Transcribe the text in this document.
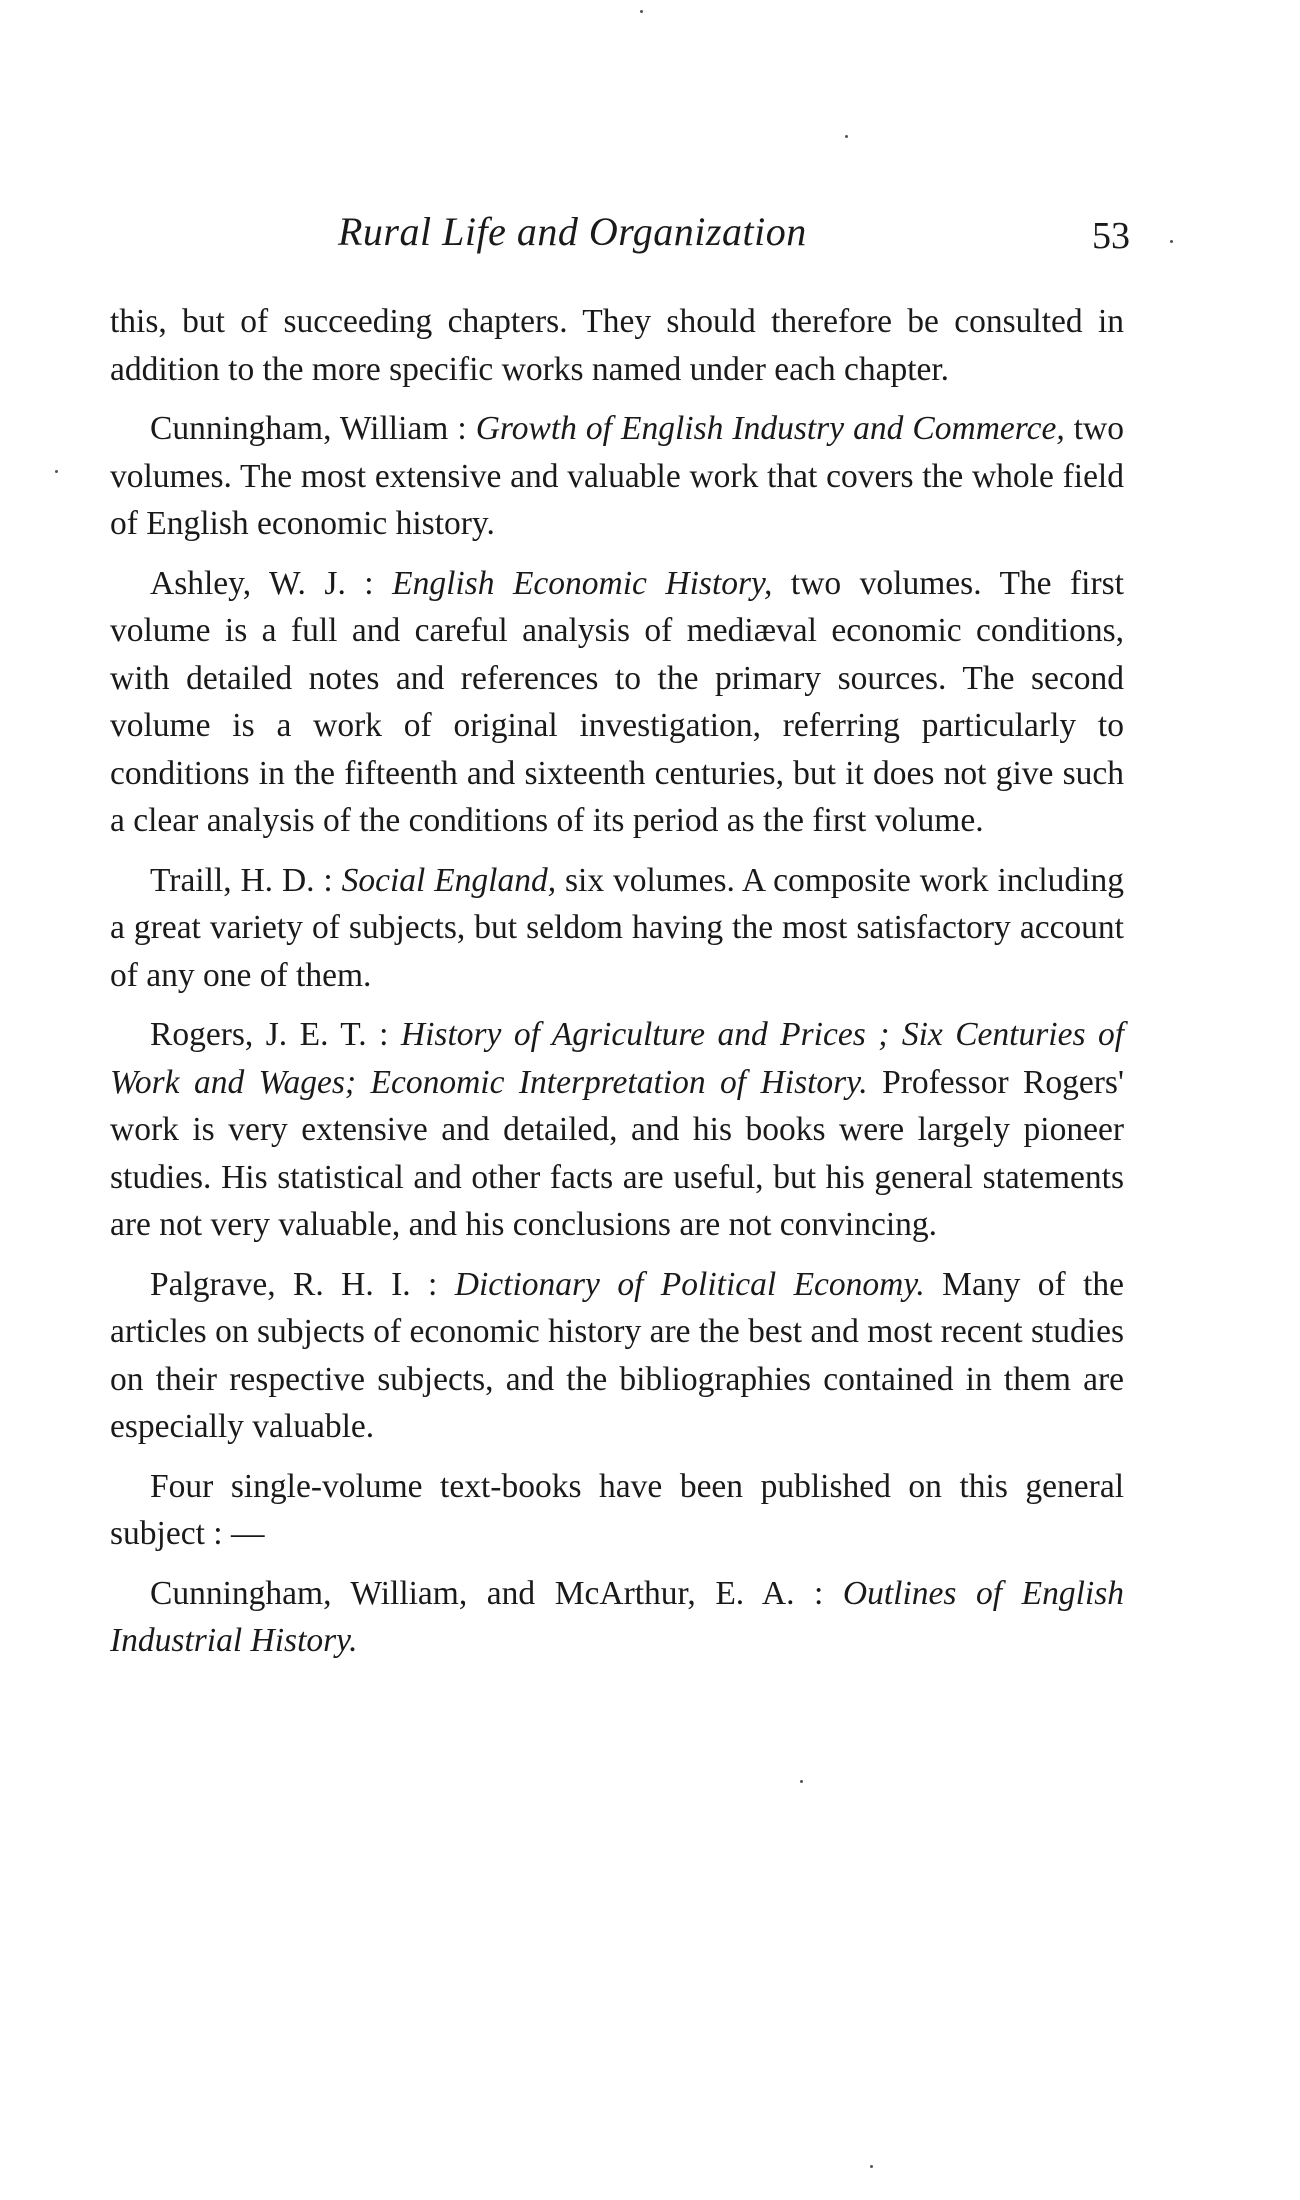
Rural Life and Organization	53

this, but of succeeding chapters. They should therefore be consulted in addition to the more specific works named under each chapter.

Cunningham, William : Growth of English Industry and Commerce, two volumes. The most extensive and valuable work that covers the whole field of English economic history.

Ashley, W. J. : English Economic History, two volumes. The first volume is a full and careful analysis of mediæval economic conditions, with detailed notes and references to the primary sources. The second volume is a work of original investigation, referring particularly to conditions in the fifteenth and sixteenth centuries, but it does not give such a clear analysis of the conditions of its period as the first volume.

Traill, H. D. : Social England, six volumes. A composite work including a great variety of subjects, but seldom having the most satisfactory account of any one of them.

Rogers, J. E. T. : History of Agriculture and Prices ; Six Centuries of Work and Wages; Economic Interpretation of History. Professor Rogers' work is very extensive and detailed, and his books were largely pioneer studies. His statistical and other facts are useful, but his general statements are not very valuable, and his conclusions are not convincing.

Palgrave, R. H. I. : Dictionary of Political Economy. Many of the articles on subjects of economic history are the best and most recent studies on their respective subjects, and the bibliographies contained in them are especially valuable.

Four single-volume text-books have been published on this general subject : —

Cunningham, William, and McArthur, E. A. : Outlines of English Industrial History.
